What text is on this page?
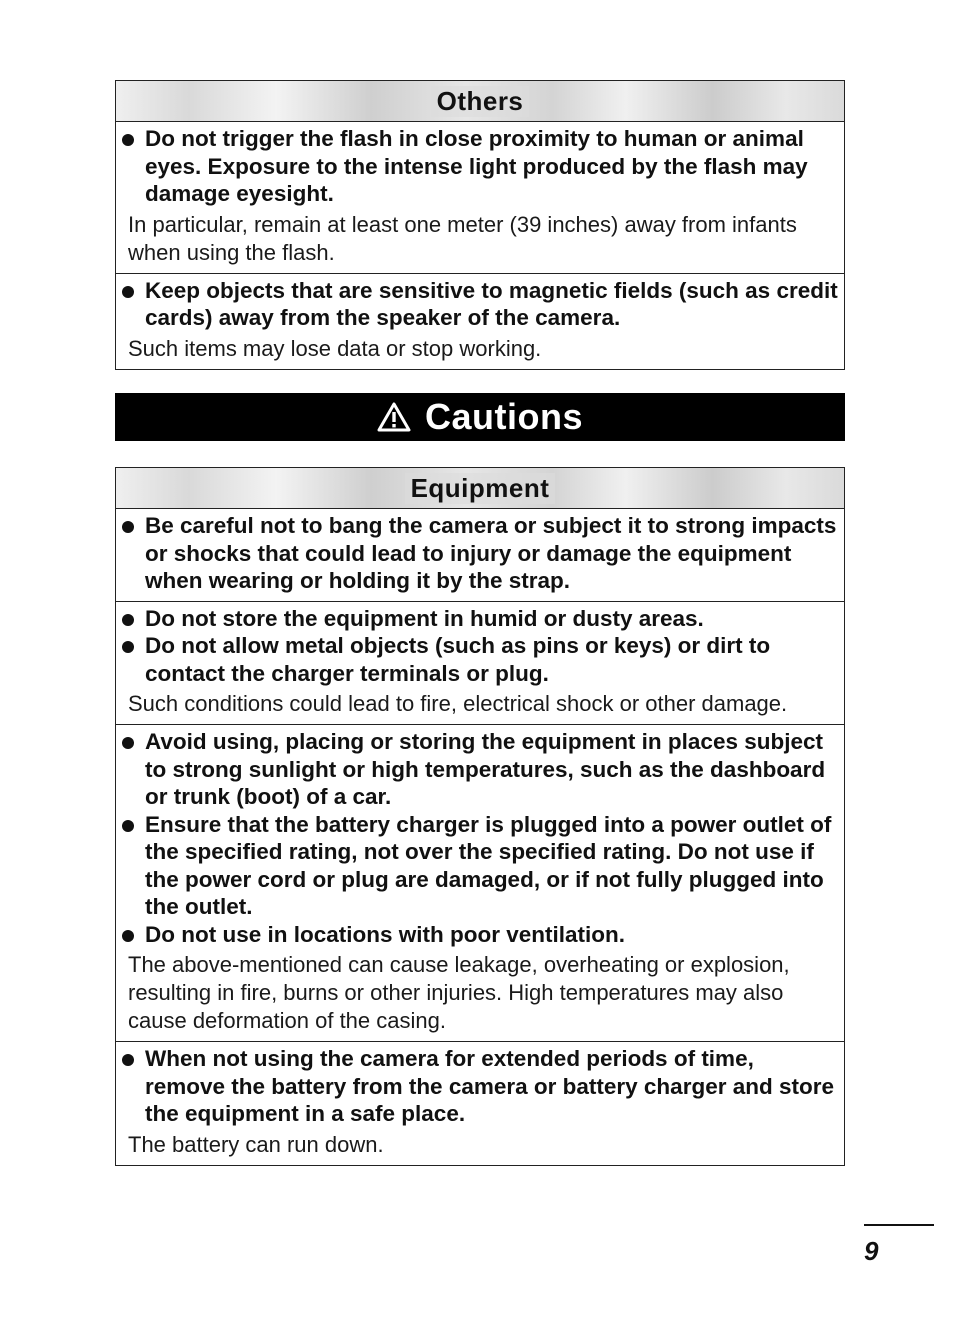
Others
Do not trigger the flash in close proximity to human or animal eyes. Exposure to the intense light produced by the flash may damage eyesight.
In particular, remain at least one meter (39 inches) away from infants when using the flash.
Keep objects that are sensitive to magnetic fields (such as credit cards) away from the speaker of the camera.
Such items may lose data or stop working.
Cautions
Equipment
Be careful not to bang the camera or subject it to strong impacts or shocks that could lead to injury or damage the equipment when wearing or holding it by the strap.
Do not store the equipment in humid or dusty areas.
Do not allow metal objects (such as pins or keys) or dirt to contact the charger terminals or plug.
Such conditions could lead to fire, electrical shock or other damage.
Avoid using, placing or storing the equipment in places subject to strong sunlight or high temperatures, such as the dashboard or trunk (boot) of a car.
Ensure that the battery charger is plugged into a power outlet of the specified rating, not over the specified rating. Do not use if the power cord or plug are damaged, or if not fully plugged into the outlet.
Do not use in locations with poor ventilation.
The above-mentioned can cause leakage, overheating or explosion, resulting in fire, burns or other injuries. High temperatures may also cause deformation of the casing.
When not using the camera for extended periods of time, remove the battery from the camera or battery charger and store the equipment in a safe place.
The battery can run down.
9
